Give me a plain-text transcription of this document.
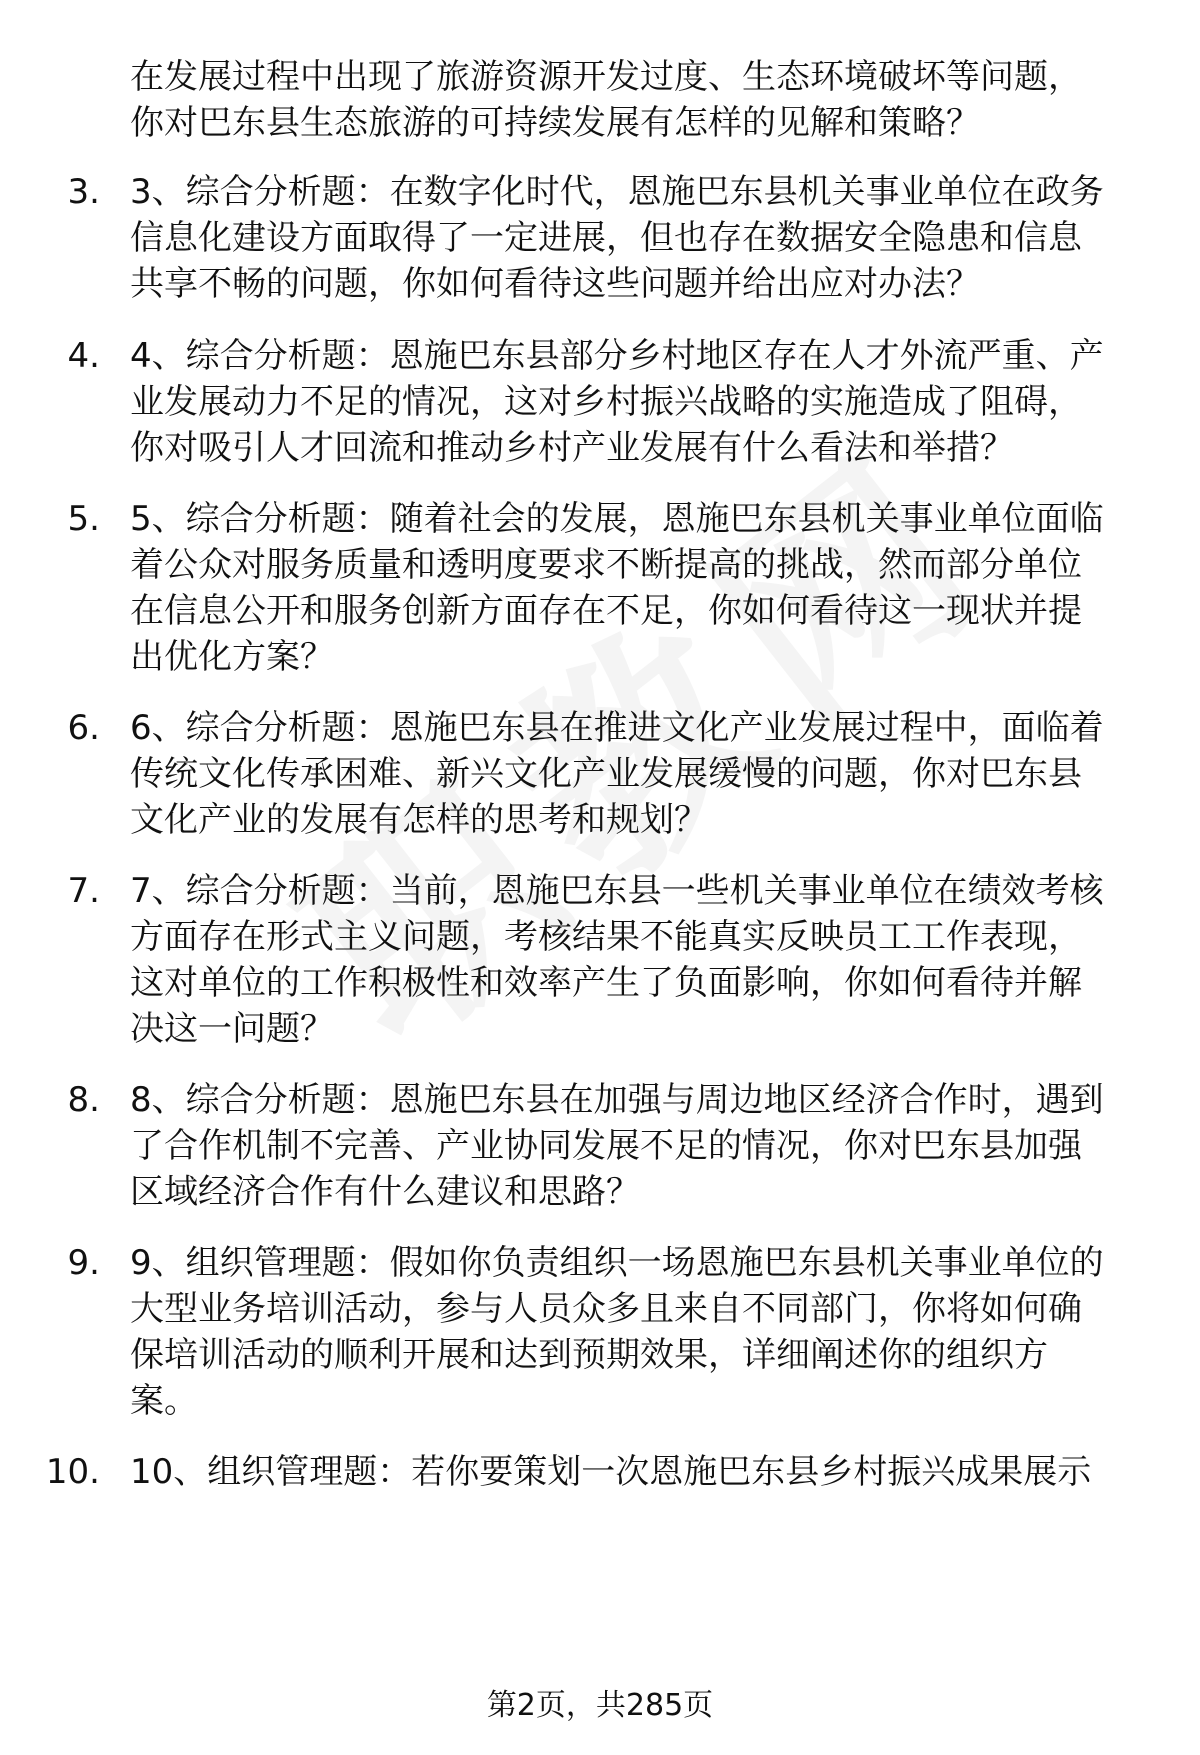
在发展过程中出现了旅游资源开发过度、生态环境破坏等问题，
你对巴东县生态旅游的可持续发展有怎样的见解和策略？
3. 3、综合分析题：在数字化时代，恩施巴东县机关事业单位在政务
信息化建设方面取得了一定进展，但也存在数据安全隐患和信息
共享不畅的问题，你如何看待这些问题并给出应对办法？
4. 4、综合分析题：恩施巴东县部分乡村地区存在人才外流严重、产
业发展动力不足的情况，这对乡村振兴战略的实施造成了阻碍，
你对吸引人才回流和推动乡村产业发展有什么看法和举措？
5. 5、综合分析题：随着社会的发展，恩施巴东县机关事业单位面临
着公众对服务质量和透明度要求不断提高的挑战，然而部分单位
在信息公开和服务创新方面存在不足，你如何看待这一现状并提
出优化方案？
6. 6、综合分析题：恩施巴东县在推进文化产业发展过程中，面临着
传统文化传承困难、新兴文化产业发展缓慢的问题，你对巴东县
文化产业的发展有怎样的思考和规划？
7. 7、综合分析题：当前，恩施巴东县一些机关事业单位在绩效考核
方面存在形式主义问题，考核结果不能真实反映员工工作表现，
这对单位的工作积极性和效率产生了负面影响，你如何看待并解
决这一问题？
8. 8、综合分析题：恩施巴东县在加强与周边地区经济合作时，遇到
了合作机制不完善、产业协同发展不足的情况，你对巴东县加强
区域经济合作有什么建议和思路？
9. 9、组织管理题：假如你负责组织一场恩施巴东县机关事业单位的
大型业务培训活动，参与人员众多且来自不同部门，你将如何确
保培训活动的顺利开展和达到预期效果，详细阐述你的组织方
案。
10. 10、组织管理题：若你要策划一次恩施巴东县乡村振兴成果展示
第2页，共285页
